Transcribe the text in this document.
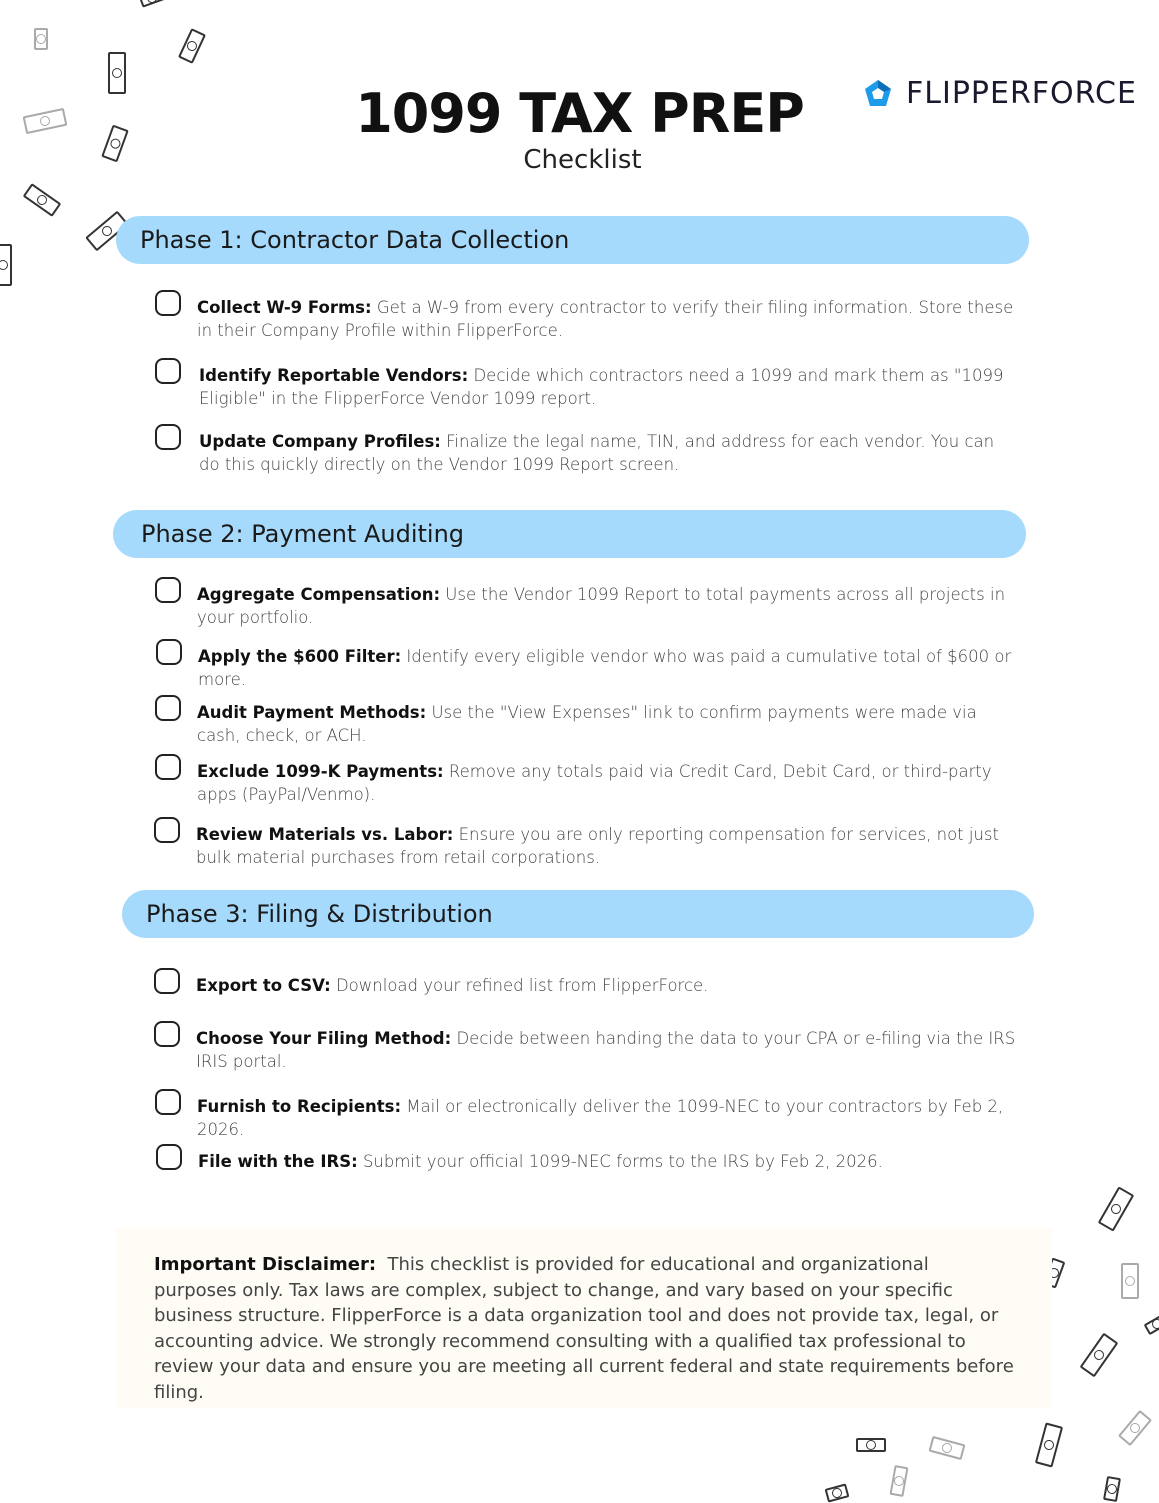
1099 TAX PREP
Checklist
FLIPPERFORCE
Phase 1: Contractor Data Collection
Collect W-9 Forms: Get a W-9 from every contractor to verify their filing information. Store these in their Company Profile within FlipperForce.
Identify Reportable Vendors: Decide which contractors need a 1099 and mark them as "1099 Eligible" in the FlipperForce Vendor 1099 report.
Update Company Profiles: Finalize the legal name, TIN, and address for each vendor. You can do this quickly directly on the Vendor 1099 Report screen.
Phase 2: Payment Auditing
Aggregate Compensation: Use the Vendor 1099 Report to total payments across all projects in your portfolio.
Apply the $600 Filter: Identify every eligible vendor who was paid a cumulative total of $600 or more.
Audit Payment Methods: Use the "View Expenses" link to confirm payments were made via cash, check, or ACH.
Exclude 1099-K Payments: Remove any totals paid via Credit Card, Debit Card, or third-party apps (PayPal/Venmo).
Review Materials vs. Labor: Ensure you are only reporting compensation for services, not just bulk material purchases from retail corporations.
Phase 3: Filing & Distribution
Export to CSV: Download your refined list from FlipperForce.
Choose Your Filing Method: Decide between handing the data to your CPA or e-filing via the IRS IRIS portal.
Furnish to Recipients: Mail or electronically deliver the 1099-NEC to your contractors by Feb 2, 2026.
File with the IRS: Submit your official 1099-NEC forms to the IRS by Feb 2, 2026.
Important Disclaimer:  This checklist is provided for educational and organizational purposes only. Tax laws are complex, subject to change, and vary based on your specific business structure. FlipperForce is a data organization tool and does not provide tax, legal, or accounting advice. We strongly recommend consulting with a qualified tax professional to review your data and ensure you are meeting all current federal and state requirements before filing.
